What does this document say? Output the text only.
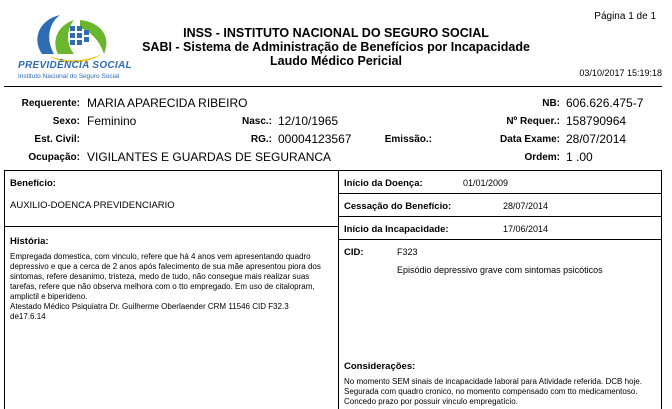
PREVIDÊNCIA SOCIAL
Instituto Nacional do Seguro Social
INSS - INSTITUTO NACIONAL DO SEGURO SOCIAL
SABI - Sistema de Administração de Benefícios por Incapacidade
Laudo Médico Pericial
Página 1 de 1
03/10/2017 15:19:18
Requerente: MARIA APARECIDA RIBEIRO	NB: 606.626.475-7
Sexo: Feminino	Nasc.: 12/10/1965	Nº Requer.: 158790964
Est. Civil:	RG.: 00004123567	Emissão.:	Data Exame: 28/07/2014
Ocupação: VIGILANTES E GUARDAS DE SEGURANCA	Ordem: 1 .00
Benefício:
AUXILIO-DOENCA PREVIDENCIARIO
História:
Empregada domestica, com vinculo, refere que há 4 anos vem apresentando quadro
depressivo e que a cerca de 2 anos após falecimento de sua mãe apresentou piora dos
sintomas, refere desanimo, tristeza, medo de tudo, não consegue mais realizar suas
tarefas, refere que não observa melhora com o tto empregado. Em uso de citalopram,
amplictil e biperideno.
Atestado Médico Psiquiatra Dr. Guilherme Oberlaender CRM 11546 CID F32.3
de17.6.14
Início da Doença:	01/01/2009
Cessação do Benefício:	28/07/2014
Início da Incapacidade:	17/06/2014
CID:	F323
Episódio depressivo grave com sintomas psicóticos
Considerações:
No momento SEM sinais de incapacidade laboral para Atividade referida. DCB hoje.
Segurada com quadro cronico, no momento compensado com tto medicamentoso.
Concedo prazo por possuir vinculo empregatício.
